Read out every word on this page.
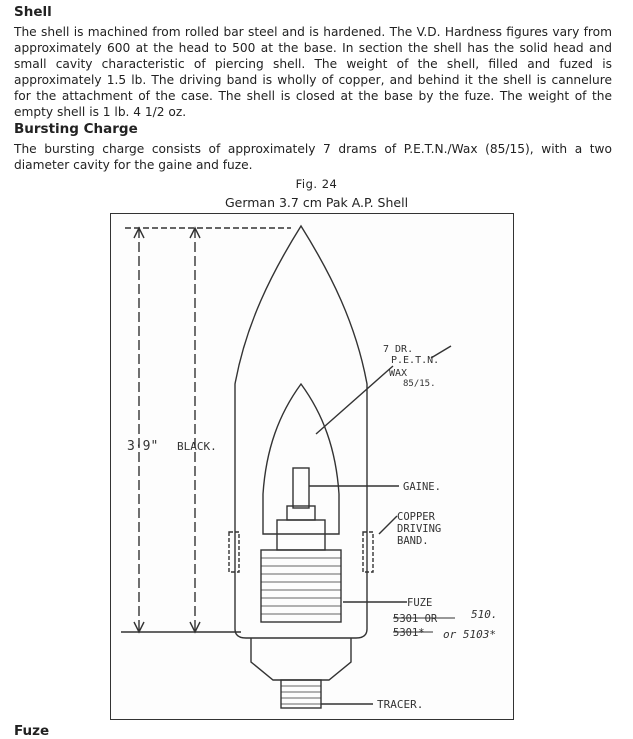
Shell

The shell is machined from rolled bar steel and is hardened. The V.D. Hardness figures vary from approximately 600 at the head to 500 at the base. In section the shell has the solid head and small cavity characteristic of piercing shell. The weight of the shell, filled and fuzed is approximately 1.5 lb. The driving band is wholly of copper, and behind it the shell is cannelure for the attachment of the case. The shell is closed at the base by the fuze. The weight of the empty shell is 1 lb. 4 1/2 oz.

Bursting Charge

The bursting charge consists of approximately 7 drams of P.E.T.N./Wax (85/15), with a two diameter cavity for the gaine and fuze.

Fig. 24

German 3.7 cm Pak A.P. Shell

3·9" BLACK.
7 DR.
P.E.T.N.
WAX
85/15.
GAINE.
COPPER
DRIVING
BAND.
FUZE
5301 OR	510.
5301* or 5103*
TRACER.
Fuze
